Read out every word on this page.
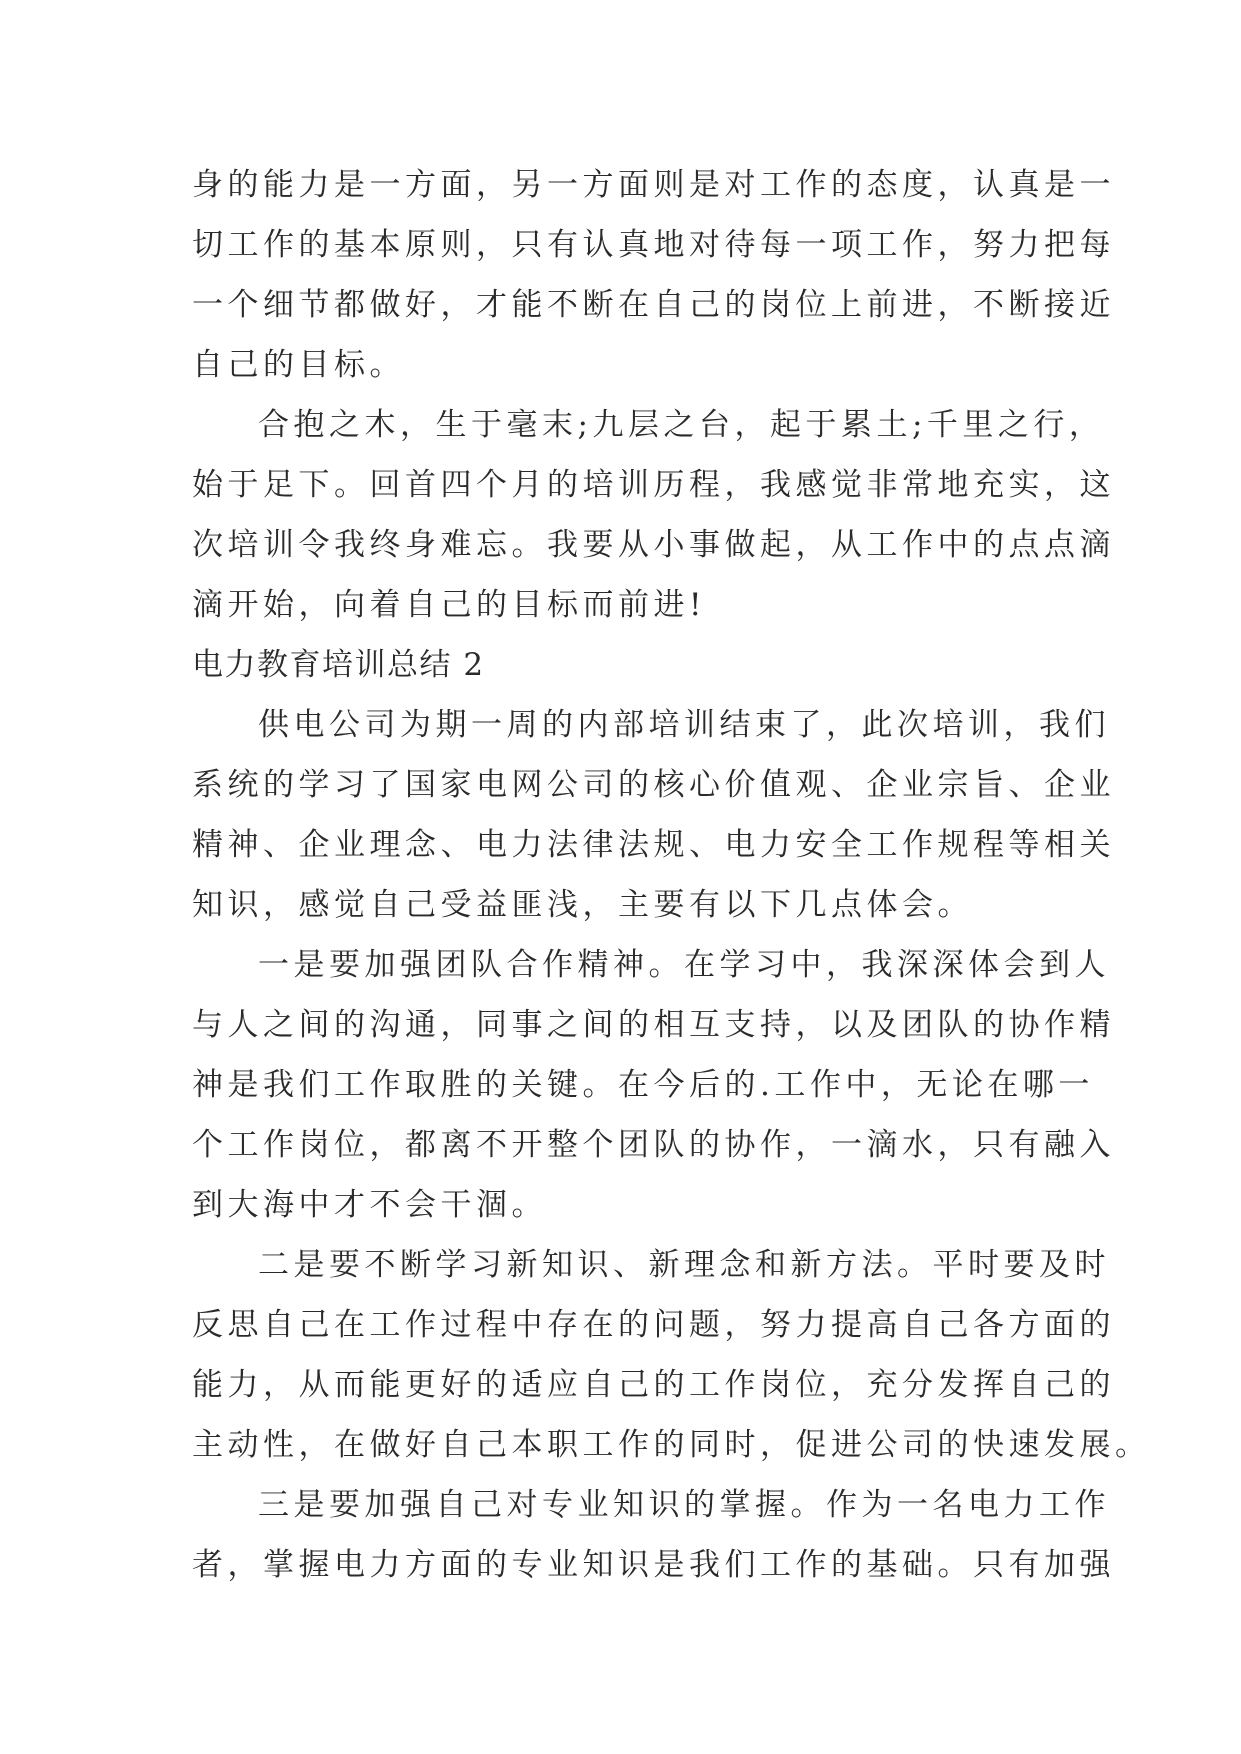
身的能力是一方面，另一方面则是对工作的态度，认真是一
切工作的基本原则，只有认真地对待每一项工作，努力把每
一个细节都做好，才能不断在自己的岗位上前进，不断接近
自己的目标。
合抱之木，生于毫末;九层之台，起于累土;千里之行，
始于足下。回首四个月的培训历程，我感觉非常地充实，这
次培训令我终身难忘。我要从小事做起，从工作中的点点滴
滴开始，向着自己的目标而前进!
电力教育培训总结 2
供电公司为期一周的内部培训结束了，此次培训，我们
系统的学习了国家电网公司的核心价值观、企业宗旨、企业
精神、企业理念、电力法律法规、电力安全工作规程等相关
知识，感觉自己受益匪浅，主要有以下几点体会。
一是要加强团队合作精神。在学习中，我深深体会到人
与人之间的沟通，同事之间的相互支持，以及团队的协作精
神是我们工作取胜的关键。在今后的.工作中，无论在哪一
个工作岗位，都离不开整个团队的协作，一滴水，只有融入
到大海中才不会干涸。
二是要不断学习新知识、新理念和新方法。平时要及时
反思自己在工作过程中存在的问题，努力提高自己各方面的
能力，从而能更好的适应自己的工作岗位，充分发挥自己的
主动性，在做好自己本职工作的同时，促进公司的快速发展。
三是要加强自己对专业知识的掌握。作为一名电力工作
者，掌握电力方面的专业知识是我们工作的基础。只有加强
